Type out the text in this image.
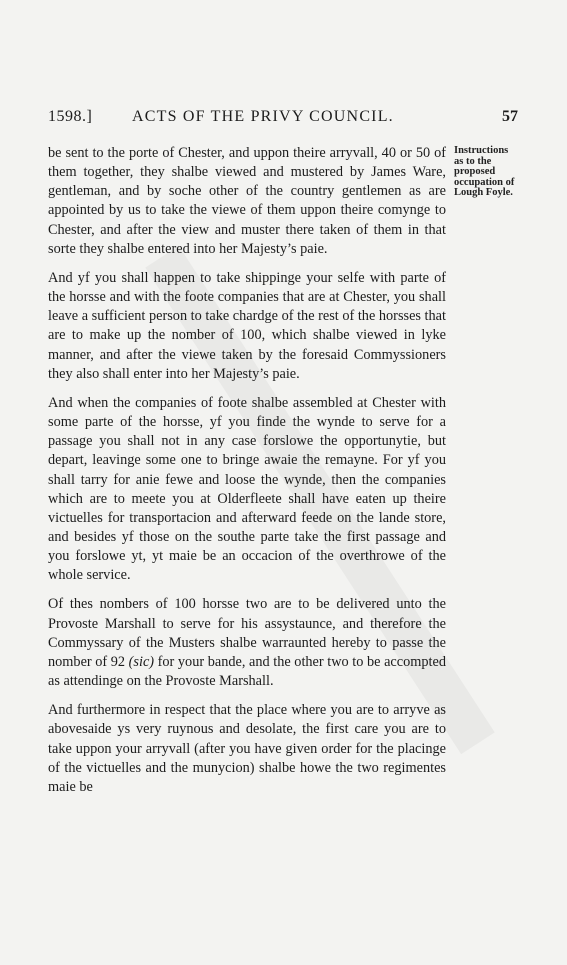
1598.] ACTS OF THE PRIVY COUNCIL.	57
Instructions
as to the
proposed
occupation of
Lough Foyle.

be sent to the porte of Chester, and uppon theire arryvall, 40 or 50 of them together, they shalbe viewed and mustered by James Ware, gentleman, and by soche other of the country gentlemen as are appointed by us to take the viewe of them uppon theire comynge to Chester, and after the view and muster there taken of them in that sorte they shalbe entered into her Majesty’s paie.

And yf you shall happen to take shippinge your selfe with parte of the horsse and with the foote companies that are at Chester, you shall leave a sufficient person to take chardge of the rest of the horsses that are to make up the nomber of 100, which shalbe viewed in lyke manner, and after the viewe taken by the foresaid Commyssioners they also shall enter into her Majesty’s paie.

And when the companies of foote shalbe assembled at Chester with some parte of the horsse, yf you finde the wynde to serve for a passage you shall not in any case forslowe the opportunytie, but depart, leavinge some one to bringe awaie the remayne. For yf you shall tarry for anie fewe and loose the wynde, then the companies which are to meete you at Olderfleete shall have eaten up theire victuelles for transportacion and afterward feede on the lande store, and besides yf those on the southe parte take the first passage and you forslowe yt, yt maie be an occacion of the overthrowe of the whole service.

Of thes nombers of 100 horsse two are to be delivered unto the Provoste Marshall to serve for his assystaunce, and therefore the Commyssary of the Musters shalbe warraunted hereby to passe the nomber of 92 (sic) for your bande, and the other two to be accompted as attendinge on the Provoste Marshall.

And furthermore in respect that the place where you are to arryve as abovesaide ys very ruynous and desolate, the first care you are to take uppon your arryvall (after you have given order for the placinge of the victuelles and the munycion) shalbe howe the two regimentes maie be
